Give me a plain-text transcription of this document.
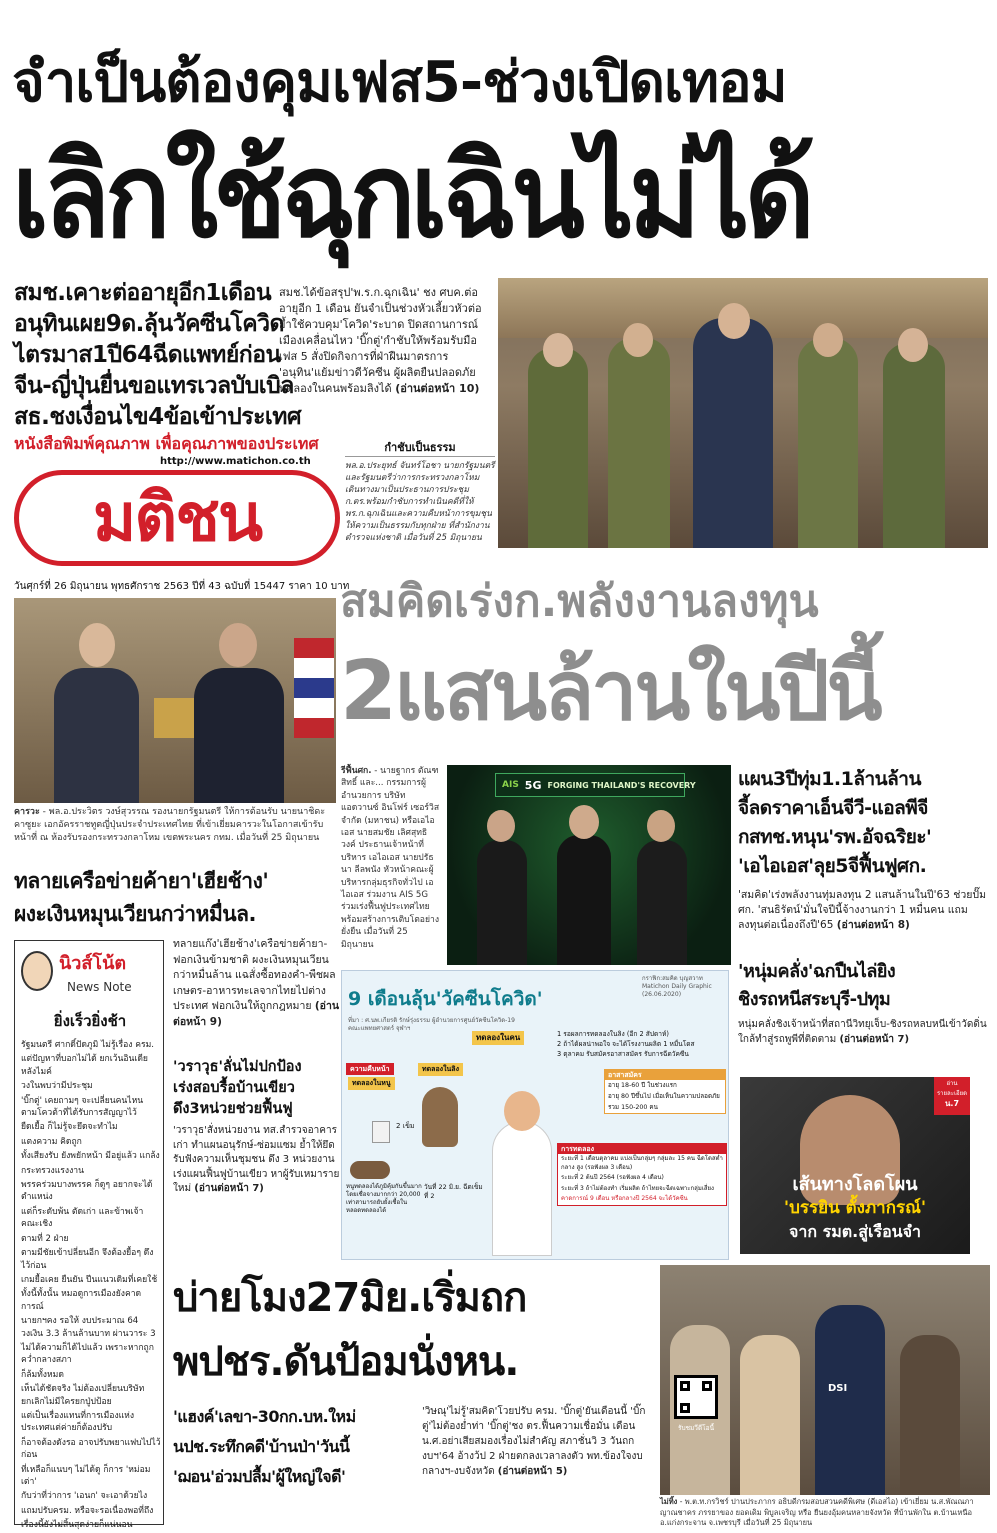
จำเป็นต้องคุมเฟส5-ช่วงเปิดเทอม
เลิกใช้ฉุกเฉินไม่ได้
สมช.เคาะต่ออายุอีก1เดือน
อนุทินเผย9ด.ลุ้นวัคซีนโควิด
ไตรมาส1ปี64ฉีดแพทย์ก่อน
จีน-ญี่ปุ่นยื่นขอแทรเวลบับเบิล
สธ.ชงเงื่อนไข4ข้อเข้าประเทศ
สมช.ได้ข้อสรุป'พ.ร.ก.ฉุกเฉิน' ชง ศบค.ต่ออายุอีก 1 เดือน ยันจำเป็นช่วงหัวเลี้ยวหัวต่อ ย้ำใช้ควบคุม'โควิด'ระบาด ปิดสถานการณ์เมืองเคลื่อนไหว 'บิ๊กตู่'กำชับให้พร้อมรับมือเฟส 5 สั่งปิดกิจการที่ฝ่าฝืนมาตรการ 'อนุทิน'แย้มข่าวดีวัคซีน ผู้ผลิตยืนปลอดภัย ทดลองในคนพร้อมลิงได้ (อ่านต่อหน้า 10)
หนังสือพิมพ์คุณภาพ เพื่อคุณภาพของประเทศ
http://www.matichon.co.th
มติชน
วันศุกร์ที่ 26 มิถุนายน พุทธศักราช 2563 ปีที่ 43 ฉบับที่ 15447 ราคา 10 บาท
กำชับเป็นธรรม
พล.อ.ประยุทธ์ จันทร์โอชา นายกรัฐมนตรีและรัฐมนตรีว่าการกระทรวงกลาโหม เดินทางมาเป็นประธานการประชุม ก.ตร.พร้อมกำชับการทำเนินคดีที่ให้ พร.ก.ฉุกเฉินและความคืบหน้าการขุมชุนให้ความเป็นธรรมกับทุกฝ่าย ที่สำนักงานตำรวจแห่งชาติ เมื่อวันที่ 25 มิถุนายน
สมคิดเร่งก.พลังงานลงทุน
2แสนล้านในปีนี้
คารวะ - พล.อ.ประวิตร วงษ์สุวรรณ รองนายกรัฐมนตรี ให้การต้อนรับ นายนาชิดะ คาซูยะ เอกอัครราชทูตญี่ปุ่นประจำประเทศไทย ที่เข้าเยี่ยมคารวะในโอกาสเข้ารับหน้าที่ ณ ห้องรับรองกระทรวงกลาโหม เขตพระนคร กทม. เมื่อวันที่ 25 มิถุนายน
รีฟื้นศก. - นายฐากร ตัณฑสิทธิ์ และ... กรรมการผู้อำนวยการ บริษัท แอดวานซ์ อินโฟร์ เซอร์วิส จำกัด (มหาชน) หรือเอไอเอส นายสมชัย เลิศสุทธิวงค์ ประธานเจ้าหน้าที่บริหาร เอไอเอส นายปรัธนา ลีลพนัง หัวหน้าคณะผู้บริหารกลุ่มธุรกิจทั่วไป เอไอเอส ร่วมงาน AIS 5G ร่วมเร่งฟื้นฟูประเทศไทย พร้อมสร้างการเติบโตอย่างยั่งยืน เมื่อวันที่ 25 มิถุนายน
AIS 5G FORGING THAILAND'S RECOVERY แผน3ปีทุ่ม1.1ล้านล้าน
จี้ลดราคาเอ็นจีวี-แอลพีจี
กสทช.หนุน'รพ.อัจฉริยะ'
'เอไอเอส'ลุย5จีฟื้นฟูศก.
'สมคิด'เร่งพลังงานทุ่มลงทุน 2 แสนล้านในปี'63 ช่วยปั๊ม ศก. 'สนธิรัตน์'มั่นใจปีนี้จ้างงานกว่า 1 หมื่นคน แถมลงทุนต่อเนื่องถึงปี'65 (อ่านต่อหน้า 8)
ทลายเครือข่ายค้ายา'เฮียช้าง'
ผงะเงินหมุนเวียนกว่าหมื่นล.
นิวส์โน้ต
News Note
ยิ่งเร็วยิ่งช้า
รัฐมนตรี ศากดิ์ปัดภูมิ ไม่รู้เรื่อง ครม.
แต่ปัญหาที่บอกไม่ได้ ยกเว้นอินเดียหลังไมค์
วงในพบว่ามีประชุม
'บิ๊กตู่' เคยถามๆ จะเปลี่ยนคนไหน ตามโควต้าที่ได้รับการสัญญาไว้
ยืดเยื้อ ก็ไม่รู้จะยึดจะทำไม
แตงความ คิดถูก
ทั้งเสียงรับ ยังพยักหน้า มีอยู่แล้ว แกล้ง
กระทรวงแรงงาน
พรรคร่วมบางพรรค ก็ดูๆ อยากจะได้ตำแหน่ง
แต่ก็ระดับพ้น ตัดเก่า และข้าพเจ้า คณะเชิง
ตามที่ 2 ฝ่าย
ตามมีชัยเข้าปลี่ยนอีก จึงต้องยื้อๆ ดึงไว้ก่อน
เกมยื้อเคย ยืนยัน ปีนแนวเดิมที่เคยใช้
ทั้งนี้ทั้งนั้น หมอดูการเมืองยังคาดการณ์
นายกฯคง รอให้ งบประมาณ 64 วงเงิน 3.3 ล้านล้านบาท ผ่านวาระ 3
ไม่ได้ความก็ได้ไปแล้ว เพราะหากถูกคว่ำกลางสภา
ก็ล้มทั้งหมด
เห็นได้ชัดจริง ไม่ต้องเปลี่ยนบริษัท ยกเลิกไม่มีใครยกปู่ปป้อย
แต่เป็นเรื่องแทนที่การเมืองแห่งประเทศแต่ค่ายก็ต้องปรับ
ก็อาจต้องดังรอ อาจปรับพยาแฟบไปไว้ก่อน
ที่เหลือก็แนบๆ ไม่ได้ดู ก็การ 'หม่อมเต่า'
กับว่าที่ว่าการ 'เอนก' จะเอาด้วยไง
แถมปรับครม. หรือจะรอเนื่องพอที่ถึง
เรื่องนี้ยังไม่สิ้นสุดง่ายก็แน่นอน
ทลายแก๊ง'เฮียช้าง'เครือข่ายค้ายา-ฟอกเงินข้ามชาติ ผงะเงินหมุนเวียนกว่าหมื่นล้าน แฉสั่งซื้อทองคำ-พืชผลเกษตร-อาหารทะเลจากไทยไปต่างประเทศ ฟอกเงินให้ถูกกฎหมาย (อ่านต่อหน้า 9)
'วราวุธ'ลั่นไม่ปกป้อง
เร่งสอบรื้อบ้านเขียว
ดึง3หน่วยช่วยฟื้นฟู
'วราวุธ'สั่งหน่วยงาน ทส.สำรวจอาคารเก่า ทำแผนอนุรักษ์-ซ่อมแซม ย้ำให้ยึดรับฟังความเห็นชุมชน ดึง 3 หน่วยงานเร่งแผนฟื้นฟูบ้านเขียว หาผู้รับเหมารายใหม่ (อ่านต่อหน้า 7)
9 เดือนลุ้น'วัคซีนโควิด'
กราฟิก:สมคิด บุญสวาท
Matichon Daily Graphic
(26.06.2020)
ที่มา : ศ.นพ.เกียรติ รักษ์รุ่งธรรม ผู้อำนวยการศูนย์วัคซีนโควิด-19 คณะแพทยศาสตร์ จุฬาฯ
ความคืบหน้า
ทดลองในหนู
ทดลองในลิง
ทดลองในคน
2 เข็ม
หนูทดลองได้ภูมิคุ้มกันขึ้นมาก โดยเชื่อจางมากกว่า 20,000 เท่าสามารถยับยั้งเชื้อในหลอดทดลองได้
วันที่ 22 มิ.ย. ฉีดเข็มที่ 2
1 รอผลการทดลองในลิง (อีก 2 สัปดาห์)
2 ถ้าได้ผลน่าพอใจ จะได้โรงงานผลิต 1 หมื่นโดส
3 ตุลาคม รับสมัครอาสาสมัคร รับการฉีดวัคซีน
อาสาสมัคร
อายุ 18-60 ปี ในช่วงแรก
อายุ 80 ปีขึ้นไป เมื่อเห็นในความปลอดภัย
รวม 150-200 คน
การทดลอง
ระยะที่ 1 เดือนตุลาคม แบ่งเป็นกลุ่มๆ กลุ่มละ 15 คน ฉีดโดสต่ำ กลาง สูง (รอฟังผล 3 เดือน)
ระยะที่ 2 ต้นปี 2564 (รอฟังผล 4 เดือน)
ระยะที่ 3 ถ้าไม่ต้องทำ เริ่มผลิต ถ้าไทยจะฉีดเฉพาะกลุ่มเสี่ยง
คาดการณ์ 9 เดือน หรือกลางปี 2564 จะได้วัคซีน
'หนุ่มคลั่ง'ฉกปืนไล่ยิง
ชิงรถหนีสระบุรี-ปทุม
หนุ่มคลั่งชิงเจ้าหน้าที่สถานีวิทยุเจ็บ-ชิงรถหลบหนีเข้าวัดดิ่นใกล้ทำสู่รถพูพีที่ติดตาม (อ่านต่อหน้า 7)
อ่าน
รายละเอียด
น.7
เส้นทางโลดโผน
'บรรยิน ตั้งภากรณ์'
จาก รมต.สู่เรือนจำ
บ่ายโมง27มิย.เริ่มถก
พปชร.ดันป้อมนั่งหน.
'แฮงค์'เลขา-30กก.บห.ใหม่
นปช.ระทึกคดี'บ้านป่า'วันนี้
'ฌอน'อ่วมปลื้ม'ผู้ใหญ่ใจดี'
'วิษณุ'ไม่รู้'สมคิด'โวยปรับ ครม. 'บิ๊กตู่'ยันเดือนนี้ 'บิ๊กตู่'ไม่ต้องย่ำท่า 'บิ๊กตู่'ชง ตร.ฟื้นความเชื่อมั่น เดือน น.ศ.อย่าเสียสมองเรื่องไม่สำคัญ สภาชั่นวิ 3 วันถกงบฯ'64 อ้างว้ป 2 ฝ่ายตกลงเวลาลงตัว พท.ข้องใจงบกลางฯ-งบจังหวัด (อ่านต่อหน้า 5)
DSI
รับชมวีดีโอนี้
ไม่ทิ้ง - พ.ต.ท.กรวิชร์ ปานประภากร อธิบดีกรมสอบสวนคดีพิเศษ (ดีเอสไอ) เข้าเยี่ยม น.ส.พัณณภา ญาณชาคร ภรรยาของ ยอดเดิม พิบูลเจริญ หรือ ยืนยงอุ้มคนหลายจังหวัด ที่บ้านพักใน ต.บ้านเหนือ อ.แก่งกระจาน จ.เพชรบุรี เมื่อวันที่ 25 มิถุนายน
